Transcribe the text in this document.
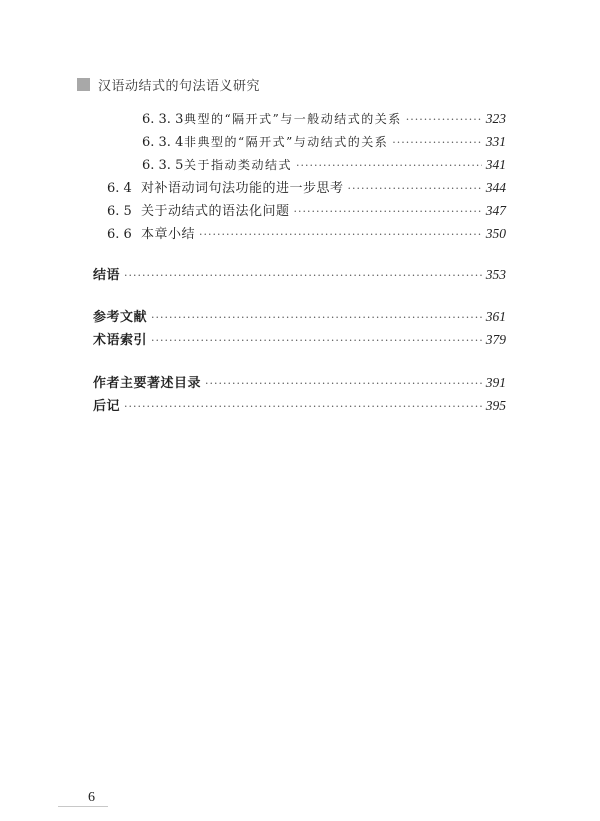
汉语动结式的句法语义研究
6. 3. 3 典型的“隔开式”与一般动结式的关系 ·····	323
6. 3. 4 非典型的“隔开式”与动结式的关系 ·····	331
6. 3. 5 关于指动类动结式 ·····	341
6. 4 对补语动词句法功能的进一步思考 ·····	344
6. 5 关于动结式的语法化问题 ·····	347
6. 6 本章小结 ·····	350
结语 ·····	353
参考文献 ·····	361
术语索引 ·····	379
作者主要著述目录 ·····	391
后记 ·····	395
6
